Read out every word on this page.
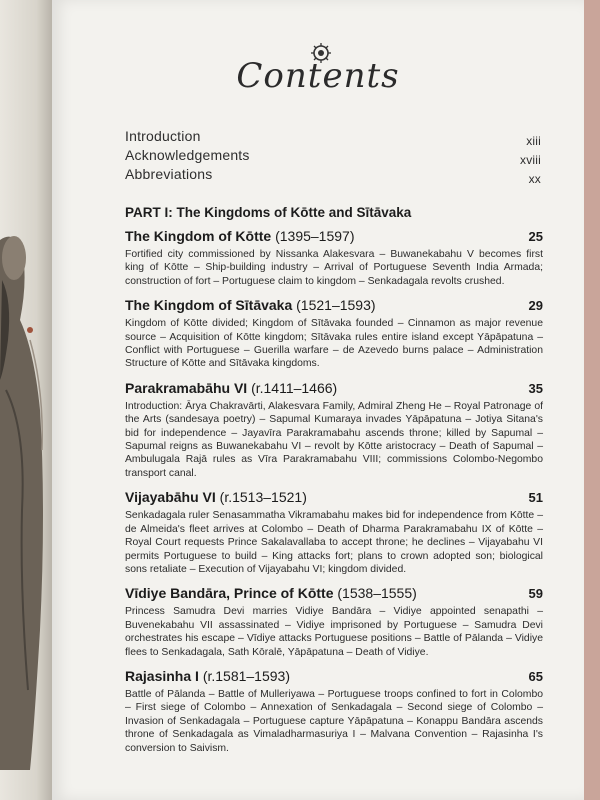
Contents
Introduction	xiii
Acknowledgements	xviii
Abbreviations	xx
PART I: The Kingdoms of Kōtte and Sītāvaka
The Kingdom of Kōtte (1395–1597)	25

Fortified city commissioned by Nissanka Alakesvara – Buwanekabahu V becomes first king of Kōtte – Ship-building industry – Arrival of Portuguese Seventh India Armada; construction of fort – Portuguese claim to kingdom – Senkadagala revolts crushed.

The Kingdom of Sītāvaka (1521–1593)	29

Kingdom of Kōtte divided; Kingdom of Sītāvaka founded – Cinnamon as major revenue source – Acquisition of Kōtte kingdom; Sītāvaka rules entire island except Yāpāpatuna – Conflict with Portuguese – Guerilla warfare – de Azevedo burns palace – Administration Structure of Kōtte and Sītāvaka kingdoms.

Parakramabāhu VI (r.1411–1466)	35

Introduction: Ārya Chakravārti, Alakesvara Family, Admiral Zheng He – Royal Patronage of the Arts (sandesaya poetry) – Sapumal Kumaraya invades Yāpāpatuna – Jotiya Sitana's bid for independence – Jayavīra Parakramabahu ascends throne; killed by Sapumal – Sapumal reigns as Buwanekabahu VI – revolt by Kōtte aristocracy – Death of Sapumal – Ambulugala Rajā rules as Vīra Parakramabahu VIII; commissions Colombo-Negombo transport canal.

Vijayabāhu VI (r.1513–1521)	51

Senkadagala ruler Senasammatha Vikramabahu makes bid for independence from Kōtte – de Almeida's fleet arrives at Colombo – Death of Dharma Parakramabahu IX of Kōtte – Royal Court requests Prince Sakalavallaba to accept throne; he declines – Vijayabahu VI permits Portuguese to build – King attacks fort; plans to crown adopted son; biological sons retaliate – Execution of Vijayabahu VI; kingdom divided.

Vīdiye Bandāra, Prince of Kōtte (1538–1555)	59

Princess Samudra Devi marries Vidiye Bandāra – Vidiye appointed senapathi – Buvenekabahu VII assassinated – Vidiye imprisoned by Portuguese – Samudra Devi orchestrates his escape – Vīdiye attacks Portuguese positions – Battle of Pālanda – Vidiye flees to Senkadagala, Sath Kōralē, Yāpāpatuna – Death of Vidiye.

Rajasinha I (r.1581–1593)	65

Battle of Pālanda – Battle of Mulleriyawa – Portuguese troops confined to fort in Colombo – First siege of Colombo – Annexation of Senkadagala – Second siege of Colombo – Invasion of Senkadagala – Portuguese capture Yāpāpatuna – Konappu Bandāra ascends throne of Senkadagala as Vimaladharmasuriya I – Malvana Convention – Rajasinha I's conversion to Saivism.
